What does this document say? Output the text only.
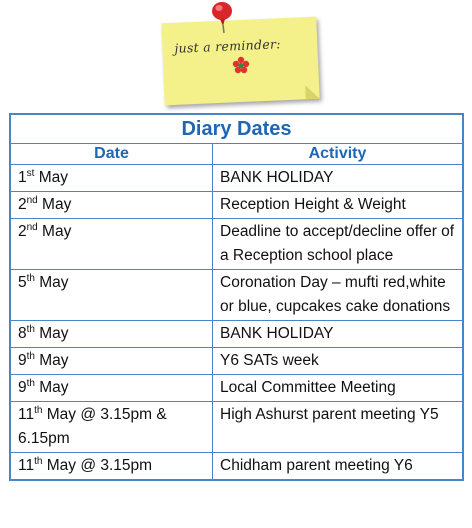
just a reminder:
Diary Dates	
Date	Activity
1st May	BANK HOLIDAY
2nd May	Reception Height & Weight
2nd May	Deadline to accept/decline offer of a Reception school place
5th May	Coronation Day – mufti red,white or blue, cupcakes cake donations
8th May	BANK HOLIDAY
9th May	Y6 SATs week
9th May	Local Committee Meeting
11th May @ 3.15pm & 6.15pm	High Ashurst parent meeting Y5
11th May @ 3.15pm	Chidham parent meeting Y6
